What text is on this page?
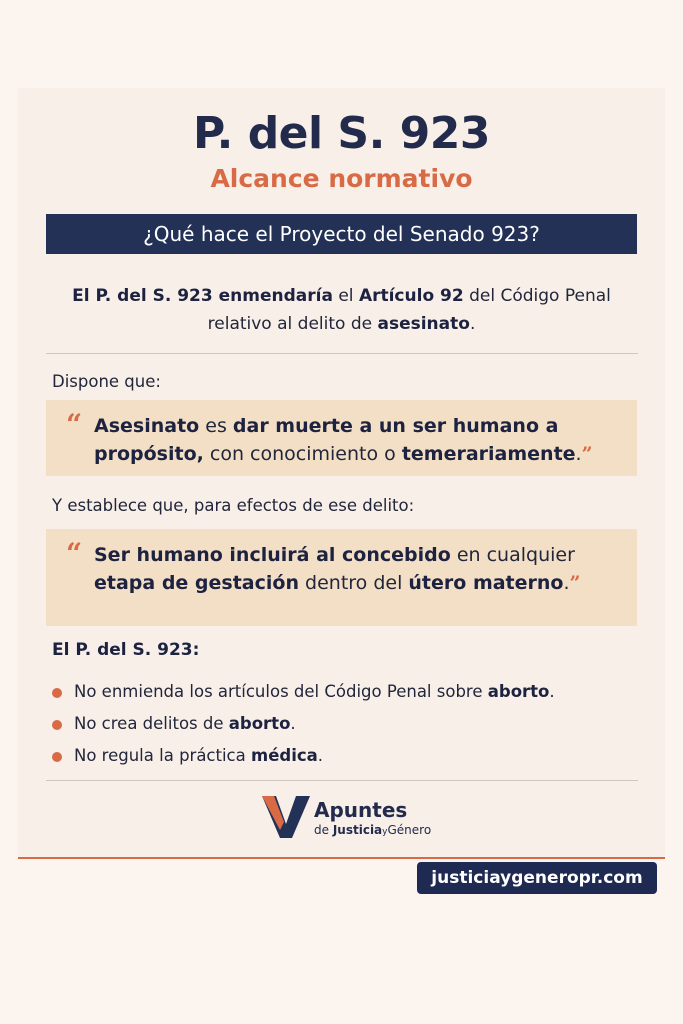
P. del S. 923
Alcance normativo
¿Qué hace el Proyecto del Senado 923?
El P. del S. 923 enmendaría el Artículo 92 del Código Penal relativo al delito de asesinato.
Dispone que:
“ Asesinato es dar muerte a un ser humano a propósito, con conocimiento o temerariamente.”
Y establece que, para efectos de ese delito:
“ Ser humano incluirá al concebido en cualquier etapa de gestación dentro del útero materno.”
El P. del S. 923:
No enmienda los artículos del Código Penal sobre aborto.
No crea delitos de aborto.
No regula la práctica médica.
Apuntes
de JusticiayGénero
justiciaygeneropr.com
